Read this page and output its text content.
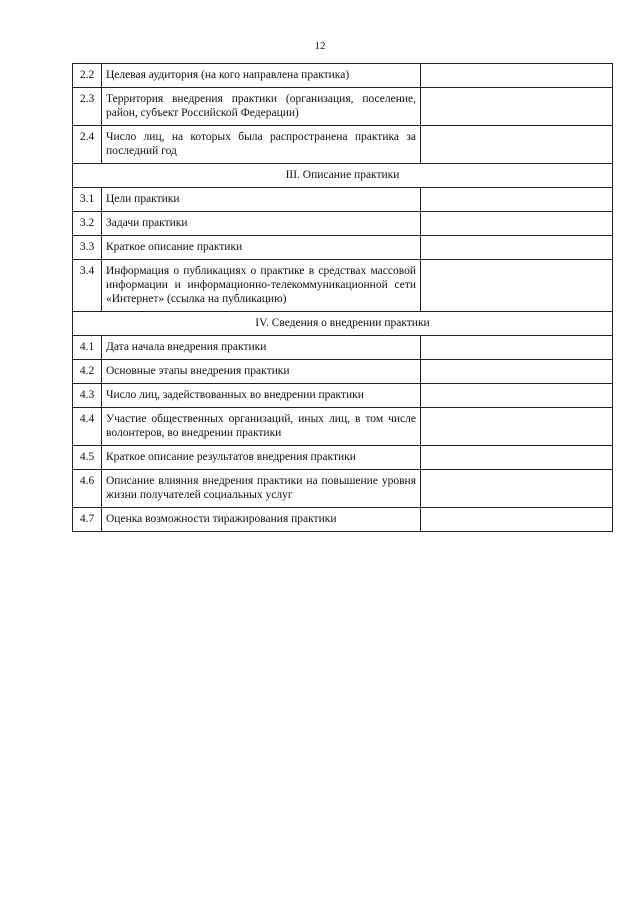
12
2.2	Целевая аудитория (на кого направлена практика)	
2.3	Территория внедрения практики (организация, поселение, район, субъект Российской Федерации)	
2.4	Число лиц, на которых была распространена практика за последний год	
III. Описание практики		
3.1	Цели практики	
3.2	Задачи практики	
3.3	Краткое описание практики	
3.4	Информация о публикациях о практике в средствах массовой информации и информационно-телекоммуникационной сети «Интернет» (ссылка на публикацию)	
IV. Сведения о внедрении практики		
4.1	Дата начала внедрения практики	
4.2	Основные этапы внедрения практики	
4.3	Число лиц, задействованных во внедрении практики	
4.4	Участие общественных организаций, иных лиц, в том числе волонтеров, во внедрении практики	
4.5	Краткое описание результатов внедрения практики	
4.6	Описание влияния внедрения практики на повышение уровня жизни получателей социальных услуг	
4.7	Оценка возможности тиражирования практики	
